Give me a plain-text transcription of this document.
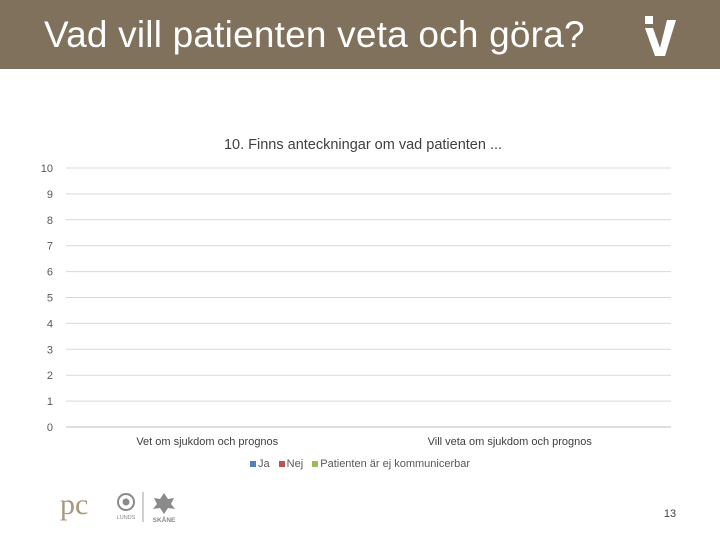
Vad vill patienten veta och göra?
10. Finns anteckningar om vad patienten ...
0
1
2
3
4
5
6
7
8
9
10
Vet om sjukdom och prognos	Vill veta om sjukdom och prognos
Ja
Nej
Patienten är ej kommunicerbar
pc	LUNDS	SKÅNE
13
